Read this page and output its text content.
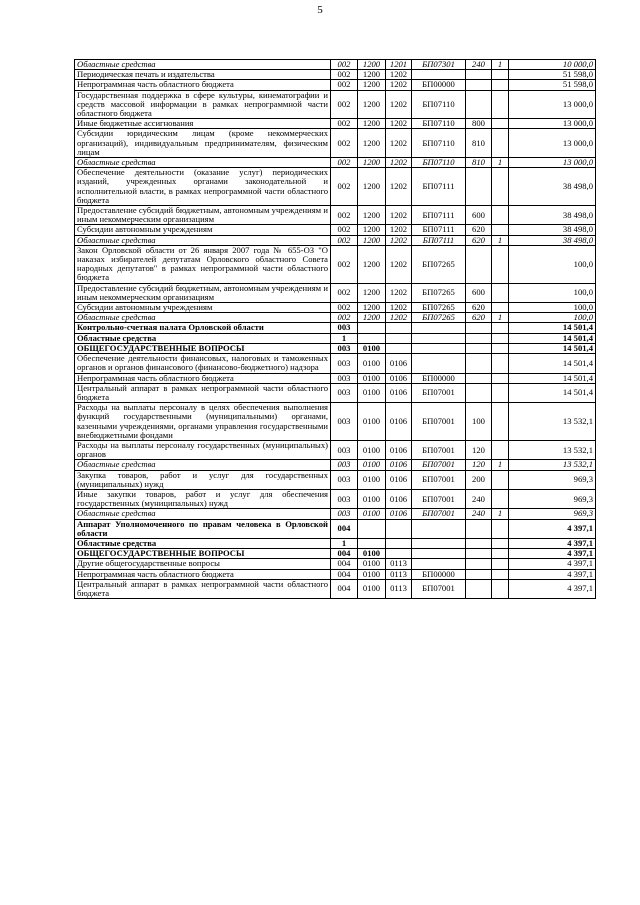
5
Областные средства	002	1200	1201	БП07301	240	1	10 000,0
Периодическая печать и издательства	002	1200	1202				51 598,0
Непрограммная часть областного бюджета	002	1200	1202	БП00000			51 598,0
Государственная поддержка в сфере культуры, кинематографии и средств массовой информации в рамках непрограммной части областного бюджета	002	1200	1202	БП07110			13 000,0
Иные бюджетные ассигнования	002	1200	1202	БП07110	800		13 000,0
Субсидии юридическим лицам (кроме некоммерческих организаций), индивидуальным предпринимателям, физическим лицам	002	1200	1202	БП07110	810		13 000,0
Областные средства	002	1200	1202	БП07110	810	1	13 000,0
Обеспечение деятельности (оказание услуг) периодических изданий, учрежденных органами законодательной и исполнительной власти, в рамках непрограммной части областного бюджета	002	1200	1202	БП07111			38 498,0
Предоставление субсидий бюджетным, автономным учреждениям и иным некоммерческим организациям	002	1200	1202	БП07111	600		38 498,0
Субсидии автономным учреждениям	002	1200	1202	БП07111	620		38 498,0
Областные средства	002	1200	1202	БП07111	620	1	38 498,0
Закон Орловской области от 26 января 2007 года № 655-ОЗ "О наказах избирателей депутатам Орловского областного Совета народных депутатов" в рамках непрограммной части областного бюджета	002	1200	1202	БП07265			100,0
Предоставление субсидий бюджетным, автономным учреждениям и иным некоммерческим организациям	002	1200	1202	БП07265	600		100,0
Субсидии автономным учреждениям	002	1200	1202	БП07265	620		100,0
Областные средства	002	1200	1202	БП07265	620	1	100,0
Контрольно-счетная палата Орловской области	003						14 501,4
Областные средства	1						14 501,4
ОБЩЕГОСУДАРСТВЕННЫЕ ВОПРОСЫ	003	0100					14 501,4
Обеспечение деятельности финансовых, налоговых и таможенных органов и органов финансового (финансово-бюджетного) надзора	003	0100	0106				14 501,4
Непрограммная часть областного бюджета	003	0100	0106	БП00000			14 501,4
Центральный аппарат в рамках непрограммной части областного бюджета	003	0100	0106	БП07001			14 501,4
Расходы на выплаты персоналу в целях обеспечения выполнения функций государственными (муниципальными) органами, казенными учреждениями, органами управления государственными внебюджетными фондами	003	0100	0106	БП07001	100		13 532,1
Расходы на выплаты персоналу государственных (муниципальных) органов	003	0100	0106	БП07001	120		13 532,1
Областные средства	003	0100	0106	БП07001	120	1	13 532,1
Закупка товаров, работ и услуг для государственных (муниципальных) нужд	003	0100	0106	БП07001	200		969,3
Иные закупки товаров, работ и услуг для обеспечения государственных (муниципальных) нужд	003	0100	0106	БП07001	240		969,3
Областные средства	003	0100	0106	БП07001	240	1	969,3
Аппарат Уполномоченного по правам человека в Орловской области	004						4 397,1
Областные средства	1						4 397,1
ОБЩЕГОСУДАРСТВЕННЫЕ ВОПРОСЫ	004	0100					4 397,1
Другие общегосударственные вопросы	004	0100	0113				4 397,1
Непрограммная часть областного бюджета	004	0100	0113	БП00000			4 397,1
Центральный аппарат в рамках непрограммной части областного бюджета	004	0100	0113	БП07001			4 397,1
